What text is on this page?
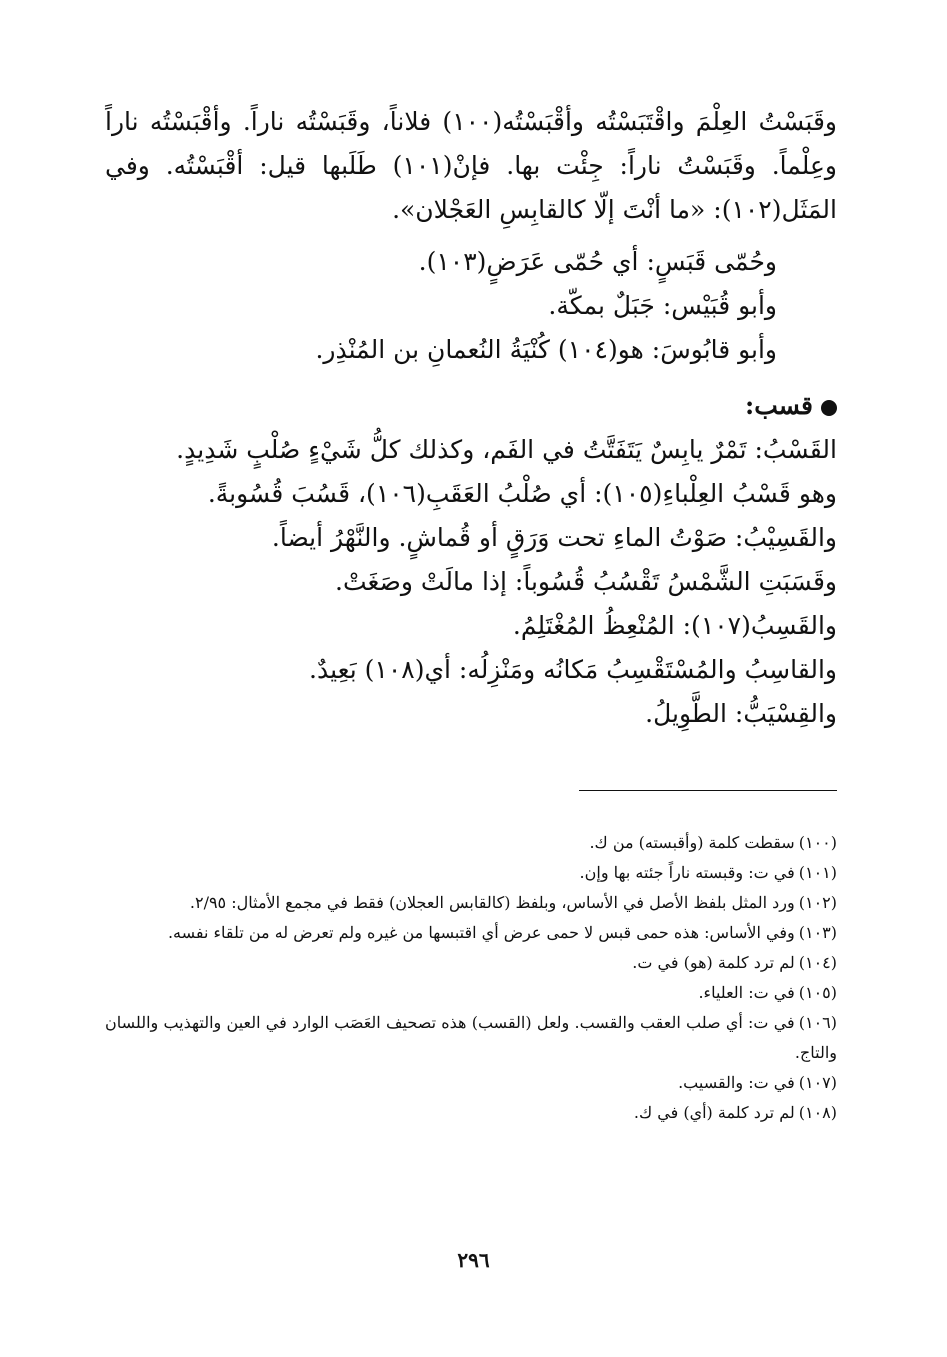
وقَبَسْتُ العِلْمَ واقْتَبَسْتُه وأقْبَسْتُه(١٠٠) فلاناً، وقَبَسْتُه ناراً. وأقْبَسْتُه ناراً وعِلْماً. وقَبَسْتُ ناراً: جِئْت بها. فإنْ(١٠١) طَلَبها قيل: أقْبَسْتُه. وفي المَثَل(١٠٢): «ما أنْتَ إلّا كالقابِسِ العَجْلان».

وحُمّى قَبَسٍ: أي حُمّى عَرَضٍ(١٠٣).

وأبو قُبَيْس: جَبَلٌ بمكّة.

وأبو قابُوسَ: هو(١٠٤) كُنْيَةُ النُعمانِ بن المُنْذِر.

قسب:

القَسْبُ: تَمْرٌ يابِسٌ يَتَفَتَّتُ في الفَم، وكذلك كلُّ شَيْءٍ صُلْبٍ شَدِيدٍ.

وهو قَسْبُ العِلْباءِ(١٠٥): أي صُلْبُ العَقَبِ(١٠٦)، قَسُبَ قُسُوبةً.

والقَسِيْبُ: صَوْتُ الماءِ تحت وَرَقٍ أو قُماشٍ. والنَّهْرُ أيضاً.

وقَسَبَتِ الشَّمْسُ تَقْسُبُ قُسُوباً: إذا مالَتْ وصَغَتْ.

والقَسِبُ(١٠٧): المُنْعِظُ المُغْتَلِمُ.

والقاسِبُ والمُسْتَقْسِبُ مَكانُه ومَنْزِلُه: أي(١٠٨) بَعِيدٌ.

والقِسْيَبُّ: الطَّوِيلُ.

(١٠٠)سقطت كلمة (وأقبسته) من ك.

(١٠١)في ت: وقبسته ناراً جئته بها وإن.

(١٠٢)ورد المثل بلفظ الأصل في الأساس، وبلفظ (كالقابس العجلان) فقط في مجمع الأمثال: ٢/٩٥.

(١٠٣)وفي الأساس: هذه حمى قبس لا حمى عرض أي اقتبسها من غيره ولم تعرض له من تلقاء نفسه.

(١٠٤)لم ترد كلمة (هو) في ت.

(١٠٥)في ت: العلياء.

(١٠٦)في ت: أي صلب العقب والقسب. ولعل (القسب) هذه تصحيف العَصَب الوارد في العين والتهذيب واللسان والتاج.

(١٠٧)في ت: والقسيب.

(١٠٨)لم ترد كلمة (أي) في ك.

٢٩٦
